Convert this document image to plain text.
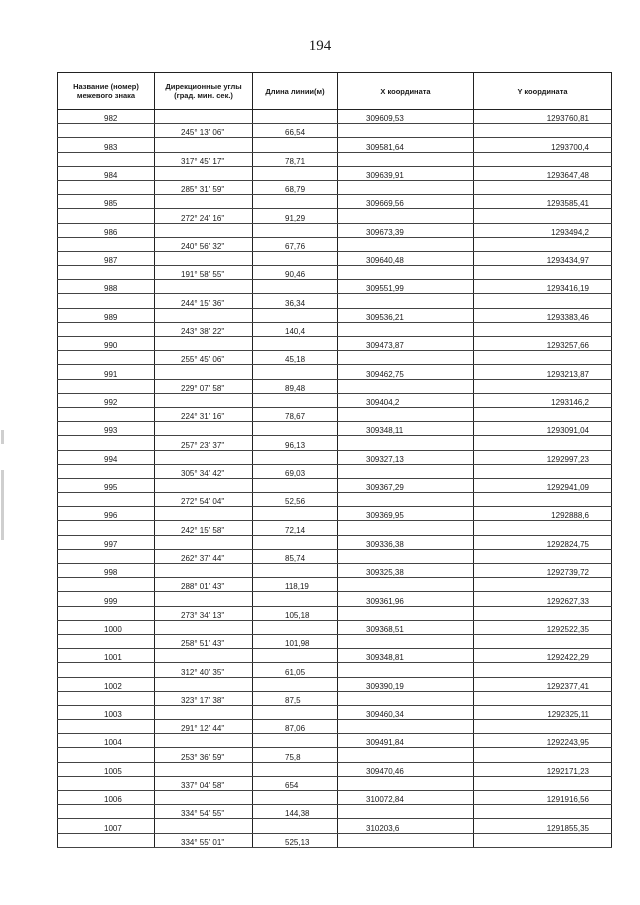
194
Название (номер) межевого знака	Дирекционные углы (град. мин. сек.)	Длина линии(м)	X координата	Y координата
982			309609,53	1293760,81
	245° 13' 06"	66,54		
983			309581,64	1293700,4
	317° 45' 17"	78,71		
984			309639,91	1293647,48
	285° 31' 59"	68,79		
985			309669,56	1293585,41
	272° 24' 16"	91,29		
986			309673,39	1293494,2
	240° 56' 32"	67,76		
987			309640,48	1293434,97
	191° 58' 55"	90,46		
988			309551,99	1293416,19
	244° 15' 36"	36,34		
989			309536,21	1293383,46
	243° 38' 22"	140,4		
990			309473,87	1293257,66
	255° 45' 06"	45,18		
991			309462,75	1293213,87
	229° 07' 58"	89,48		
992			309404,2	1293146,2
	224° 31' 16"	78,67		
993			309348,11	1293091,04
	257° 23' 37"	96,13		
994			309327,13	1292997,23
	305° 34' 42"	69,03		
995			309367,29	1292941,09
	272° 54' 04"	52,56		
996			309369,95	1292888,6
	242° 15' 58"	72,14		
997			309336,38	1292824,75
	262° 37' 44"	85,74		
998			309325,38	1292739,72
	288° 01' 43"	118,19		
999			309361,96	1292627,33
	273° 34' 13"	105,18		
1000			309368,51	1292522,35
	258° 51' 43"	101,98		
1001			309348,81	1292422,29
	312° 40' 35"	61,05		
1002			309390,19	1292377,41
	323° 17' 38"	87,5		
1003			309460,34	1292325,11
	291° 12' 44"	87,06		
1004			309491,84	1292243,95
	253° 36' 59"	75,8		
1005			309470,46	1292171,23
	337° 04' 58"	654		
1006			310072,84	1291916,56
	334° 54' 55"	144,38		
1007			310203,6	1291855,35
	334° 55' 01"	525,13		
